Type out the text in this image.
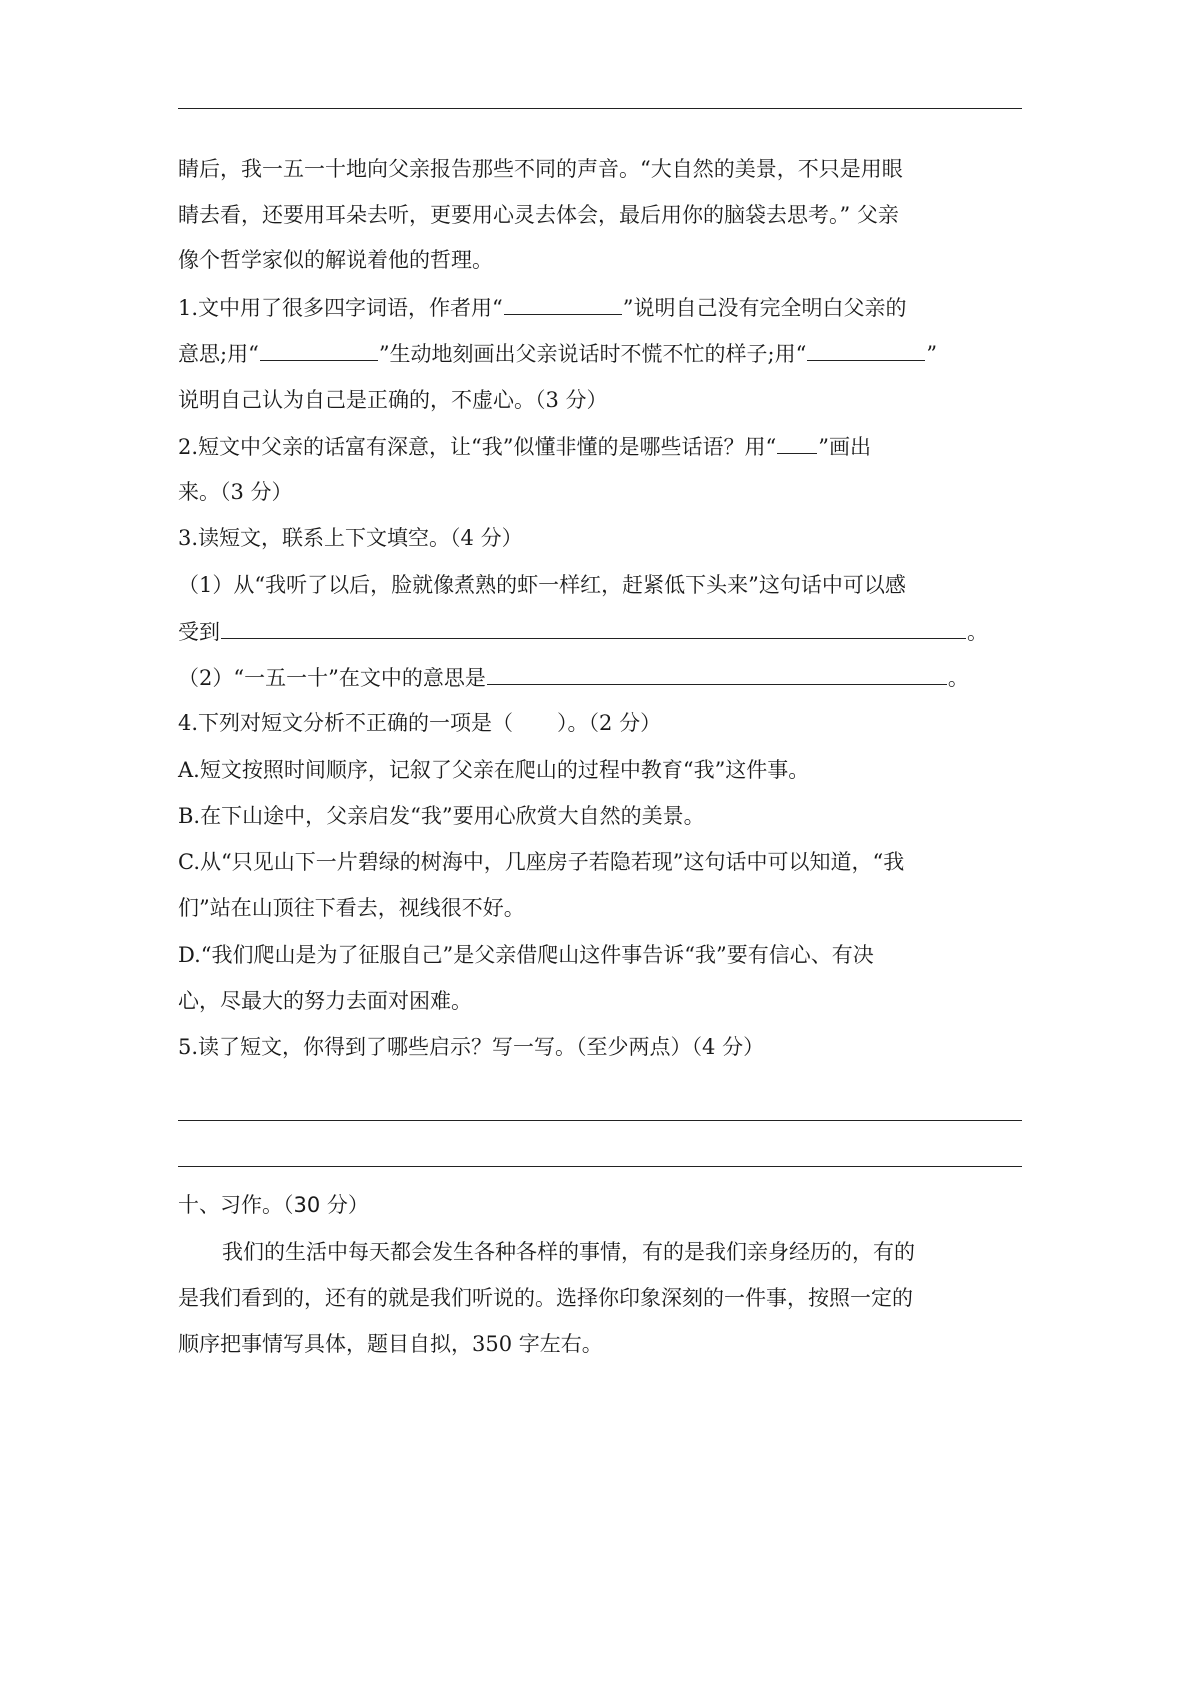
睛后，我一五一十地向父亲报告那些不同的声音。“大自然的美景，不只是用眼
睛去看，还要用耳朵去听，更要用心灵去体会，最后用你的脑袋去思考。” 父亲
像个哲学家似的解说着他的哲理。
1.文中用了很多四字词语，作者用“	”说明自己没有完全明白父亲的
意思;用“	”生动地刻画出父亲说话时不慌不忙的样子;用“	”
说明自己认为自己是正确的，不虚心。（3 分）
2.短文中父亲的话富有深意，让“我”似懂非懂的是哪些话语？用“ ”画出
来。（3 分）
3.读短文，联系上下文填空。（4 分）
（1）从“我听了以后，脸就像煮熟的虾一样红，赶紧低下头来”这句话中可以感
受到	。
（2）“一五一十”在文中的意思是	。
4.下列对短文分析不正确的一项是（ ）。（2 分）
A.短文按照时间顺序，记叙了父亲在爬山的过程中教育“我”这件事。
B.在下山途中，父亲启发“我”要用心欣赏大自然的美景。
C.从“只见山下一片碧绿的树海中，几座房子若隐若现”这句话中可以知道，“我
们”站在山顶往下看去，视线很不好。
D.“我们爬山是为了征服自己”是父亲借爬山这件事告诉“我”要有信心、有决
心，尽最大的努力去面对困难。
5.读了短文，你得到了哪些启示？写一写。（至少两点）（4 分）
十、习作。（30 分）
我们的生活中每天都会发生各种各样的事情，有的是我们亲身经历的，有的
是我们看到的，还有的就是我们听说的。选择你印象深刻的一件事，按照一定的
顺序把事情写具体，题目自拟，350 字左右。
